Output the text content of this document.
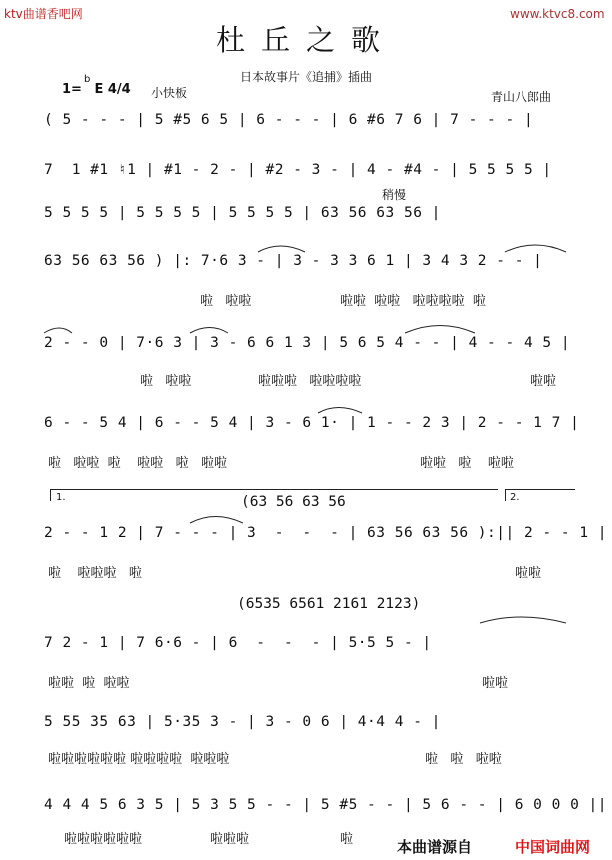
ktv曲谱香吧网	www.ktvc8.com
杜丘之歌
日本故事片《追捕》插曲
1=
b
E 4/4 小快板	青山八郎曲
( 5 - - - | 5 #5 6 5 | 6 - - - | 6 #6 7 6 | 7 - - - |
7  1 #1 ♮1 | #1 - 2 - | #2 - 3 - | 4 - #4 - | 5 5 5 5 |
5 5 5 5 | 5 5 5 5 | 5 5 5 5 | 63 56 63 56 |
63 56 63 56 ) |: 7·6 3 - | 3 - 3 3 6 1 | 3 4 3 2 - - |
2 - - 0 | 7·6 3 | 3 - 6 6 1 3 | 5 6 5 4 - - | 4 - - 4 5 |
6 - - 5 4 | 6 - - 5 4 | 3 - 6 1· | 1 - - 2 3 | 2 - - 1 7 |
2 - - 1 2 | 7 - - - | 3  -  -  - | 63 56 63 56 ):|| 2 - - 1 |
7 2 - 1 | 7 6·6 - | 6  -  -  - | 5·5 5 - |
5 55 35 63 | 5·35 3 - | 3 - 0 6 | 4·4 4 - |
4 4 4 5 6 3 5 | 5 3 5 5 - - | 5 #5 - - | 5 6 - - | 6 0 0 0 ||
稍慢
啦   啦啦	啦啦  啦啦   啦啦啦啦  啦
啦   啦啦	啦啦啦   啦啦啦啦	啦啦
啦   啦啦  啦    啦啦   啦   啦啦	啦啦   啦    啦啦
啦    啦啦啦   啦	啦啦
啦啦  啦  啦啦	啦啦
啦啦啦啦啦啦 啦啦啦啦  啦啦啦	啦   啦   啦啦
啦啦啦啦啦啦	啦啦啦	啦
1.	2.
(63 56 63 56
(6535 6561 2161 2123)
本曲谱源自	中国词曲网
